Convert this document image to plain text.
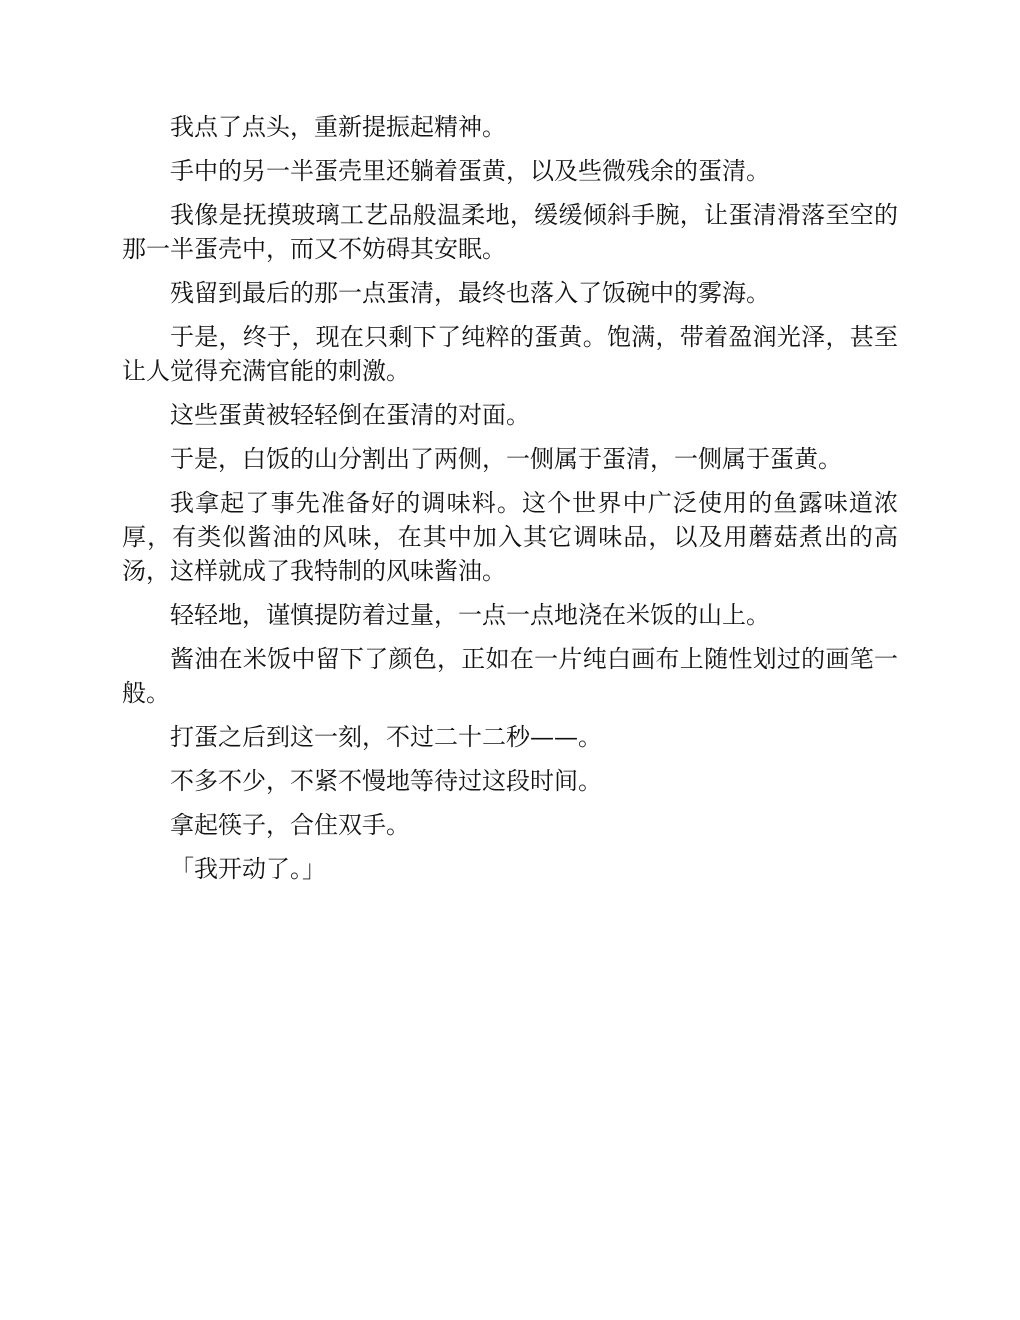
我点了点头，重新提振起精神。

手中的另一半蛋壳里还躺着蛋黄，以及些微残余的蛋清。

我像是抚摸玻璃工艺品般温柔地，缓缓倾斜手腕，让蛋清滑落至空的那一半蛋壳中，而又不妨碍其安眠。

残留到最后的那一点蛋清，最终也落入了饭碗中的雾海。

于是，终于，现在只剩下了纯粹的蛋黄。饱满，带着盈润光泽，甚至让人觉得充满官能的刺激。

这些蛋黄被轻轻倒在蛋清的对面。

于是，白饭的山分割出了两侧，一侧属于蛋清，一侧属于蛋黄。

我拿起了事先准备好的调味料。这个世界中广泛使用的鱼露味道浓厚，有类似酱油的风味，在其中加入其它调味品，以及用蘑菇煮出的高汤，这样就成了我特制的风味酱油。

轻轻地，谨慎提防着过量，一点一点地浇在米饭的山上。

酱油在米饭中留下了颜色，正如在一片纯白画布上随性划过的画笔一般。

打蛋之后到这一刻，不过二十二秒——。

不多不少，不紧不慢地等待过这段时间。

拿起筷子，合住双手。

「我开动了。」
